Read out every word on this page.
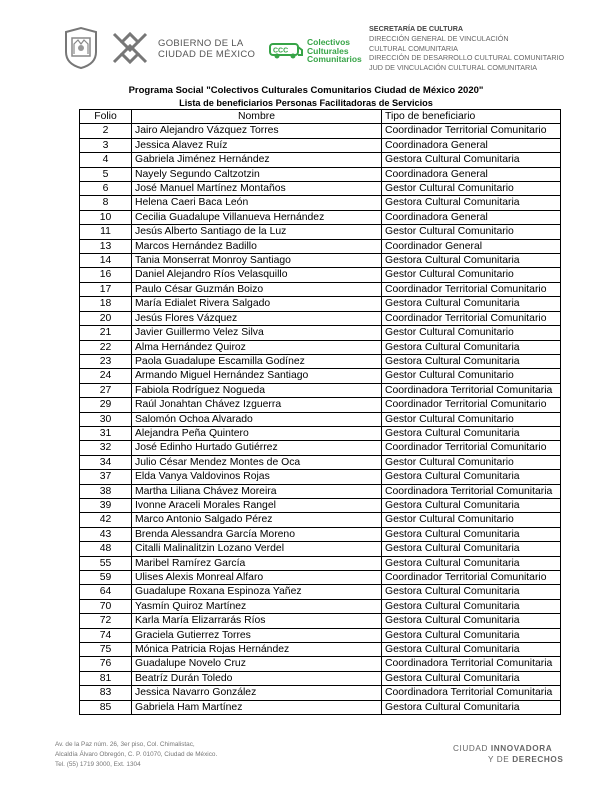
GOBIERNO DE LA
CIUDAD DE MÉXICO	CCC
Colectivos
Culturales
Comunitarios
SECRETARÍA DE CULTURA
DIRECCIÓN GENERAL DE VINCULACIÓN
CULTURAL COMUNITARIA
DIRECCIÓN DE DESARROLLO CULTURAL COMUNITARIO
JUD DE VINCULACIÓN CULTURAL COMUNITARIA
Programa Social "Colectivos Culturales Comunitarios Ciudad de México 2020"
Lista de beneficiarios Personas Facilitadoras de Servicios
Folio	Nombre	Tipo de beneficiario
2	Jairo Alejandro Vázquez Torres	Coordinador Territorial Comunitario
3	Jessica Alavez Ruíz	Coordinadora General
4	Gabriela Jiménez Hernández	Gestora Cultural Comunitaria
5	Nayely Segundo Caltzotzin	Coordinadora General
6	José Manuel Martínez Montaños	Gestor Cultural Comunitario
8	Helena Caeri Baca León	Gestora Cultural Comunitaria
10	Cecilia Guadalupe Villanueva Hernández	Coordinadora General
11	Jesús Alberto Santiago de la Luz	Gestor Cultural Comunitario
13	Marcos Hernández Badillo	Coordinador General
14	Tania Monserrat Monroy Santiago	Gestora Cultural Comunitaria
16	Daniel Alejandro Ríos Velasquillo	Gestor Cultural Comunitario
17	Paulo César Guzmán Boizo	Coordinador Territorial Comunitario
18	María Edialet Rivera Salgado	Gestora Cultural Comunitaria
20	Jesús Flores Vázquez	Coordinador Territorial Comunitario
21	Javier Guillermo Velez Silva	Gestor Cultural Comunitario
22	Alma Hernández Quiroz	Gestora Cultural Comunitaria
23	Paola Guadalupe Escamilla Godínez	Gestora Cultural Comunitaria
24	Armando Miguel Hernández Santiago	Gestor Cultural Comunitario
27	Fabiola Rodríguez Nogueda	Coordinadora Territorial Comunitaria
29	Raúl Jonahtan Chávez Izguerra	Coordinador Territorial Comunitario
30	Salomón Ochoa Alvarado	Gestor Cultural Comunitario
31	Alejandra Peña Quintero	Gestora Cultural Comunitaria
32	José Edinho Hurtado Gutiérrez	Coordinador Territorial Comunitario
34	Julio César Mendez Montes de Oca	Gestor Cultural Comunitario
37	Elda Vanya Valdovinos Rojas	Gestora Cultural Comunitaria
38	Martha Liliana Chávez Moreira	Coordinadora Territorial Comunitaria
39	Ivonne Araceli Morales Rangel	Gestora Cultural Comunitaria
42	Marco Antonio Salgado Pérez	Gestor Cultural Comunitario
43	Brenda Alessandra García Moreno	Gestora Cultural Comunitaria
48	Citalli Malinalitzin Lozano Verdel	Gestora Cultural Comunitaria
55	Maribel Ramírez García	Gestora Cultural Comunitaria
59	Ulises Alexis Monreal Alfaro	Coordinador Territorial Comunitario
64	Guadalupe Roxana Espinoza Yañez	Gestora Cultural Comunitaria
70	Yasmín Quiroz Martínez	Gestora Cultural Comunitaria
72	Karla María Elizarrarás Ríos	Gestora Cultural Comunitaria
74	Graciela Gutierrez Torres	Gestora Cultural Comunitaria
75	Mónica Patricia Rojas Hernández	Gestora Cultural Comunitaria
76	Guadalupe Novelo Cruz	Coordinadora Territorial Comunitaria
81	Beatríz Durán Toledo	Gestora Cultural Comunitaria
83	Jessica Navarro González	Coordinadora Territorial Comunitaria
85	Gabriela Ham Martínez	Gestora Cultural Comunitaria
Av. de la Paz núm. 26, 3er piso, Col. Chimalistac,
Alcaldía Álvaro Obregón, C. P. 01070, Ciudad de México.
Tel. (55) 1719 3000, Ext. 1304
CIUDAD INNOVADORA
Y DE DERECHOS
